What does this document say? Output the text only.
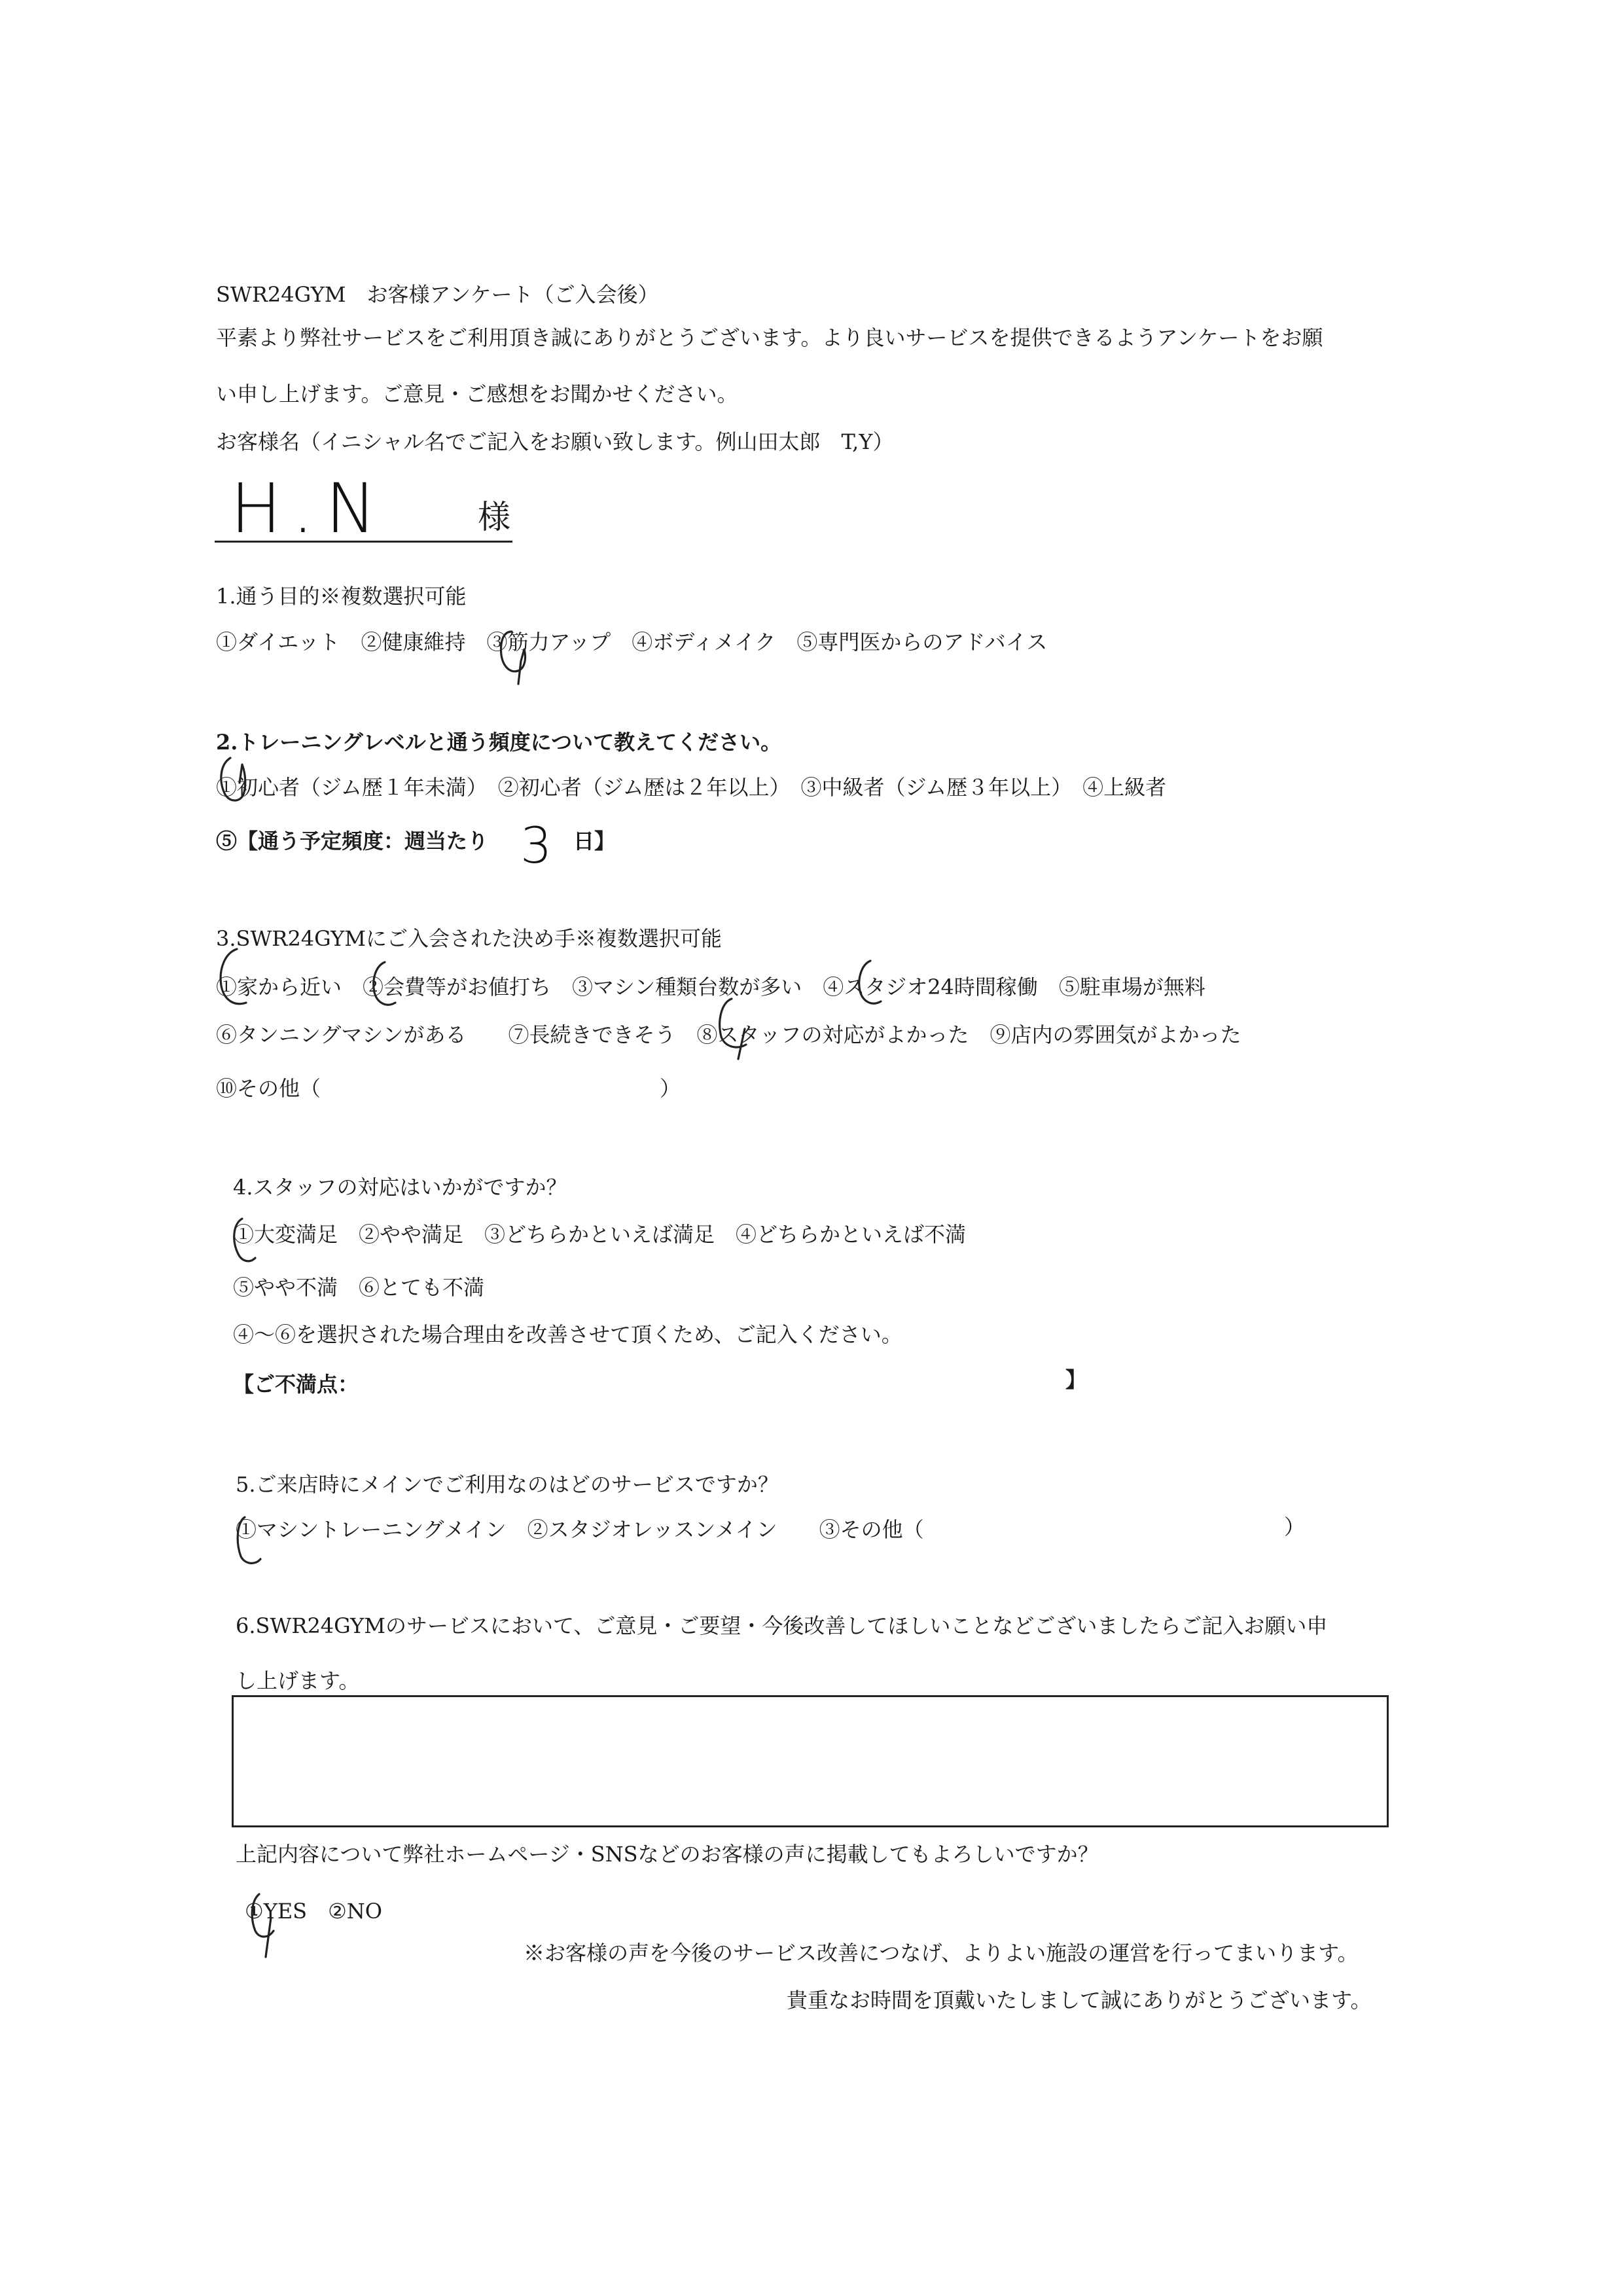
SWR24GYM　お客様アンケート（ご入会後）
平素より弊社サービスをご利用頂き誠にありがとうございます。より良いサービスを提供できるようアンケートをお願
い申し上げます。ご意見・ご感想をお聞かせください。
お客様名（イニシャル名でご記入をお願い致します。例山田太郎　T,Y）
H.N	様
1.通う目的※複数選択可能
①ダイエット　②健康維持　③筋力アップ　④ボディメイク　⑤専門医からのアドバイス
2.トレーニングレベルと通う頻度について教えてください。
①初心者（ジム歴１年未満）　②初心者（ジム歴は２年以上）　③中級者（ジム歴３年以上）　④上級者
⑤【通う予定頻度：週当たり 3 日】
3.SWR24GYMにご入会された決め手※複数選択可能
①家から近い　②会費等がお値打ち　③マシン種類台数が多い　④スタジオ24時間稼働　⑤駐車場が無料
⑥タンニングマシンがある　　⑦長続きできそう　⑧スタッフの対応がよかった　⑨店内の雰囲気がよかった
⑩その他（	）
4.スタッフの対応はいかがですか？
①大変満足　②やや満足　③どちらかといえば満足　④どちらかといえば不満
⑤やや不満　⑥とても不満
④～⑥を選択された場合理由を改善させて頂くため、ご記入ください。
【ご不満点：	】
5.ご来店時にメインでご利用なのはどのサービスですか？
①マシントレーニングメイン　②スタジオレッスンメイン　　③その他（	）
6.SWR24GYMのサービスにおいて、ご意見・ご要望・今後改善してほしいことなどございましたらご記入お願い申
し上げます。
上記内容について弊社ホームページ・SNSなどのお客様の声に掲載してもよろしいですか？
①YES　②NO
※お客様の声を今後のサービス改善につなげ、よりよい施設の運営を行ってまいります。
貴重なお時間を頂戴いたしまして誠にありがとうございます。
